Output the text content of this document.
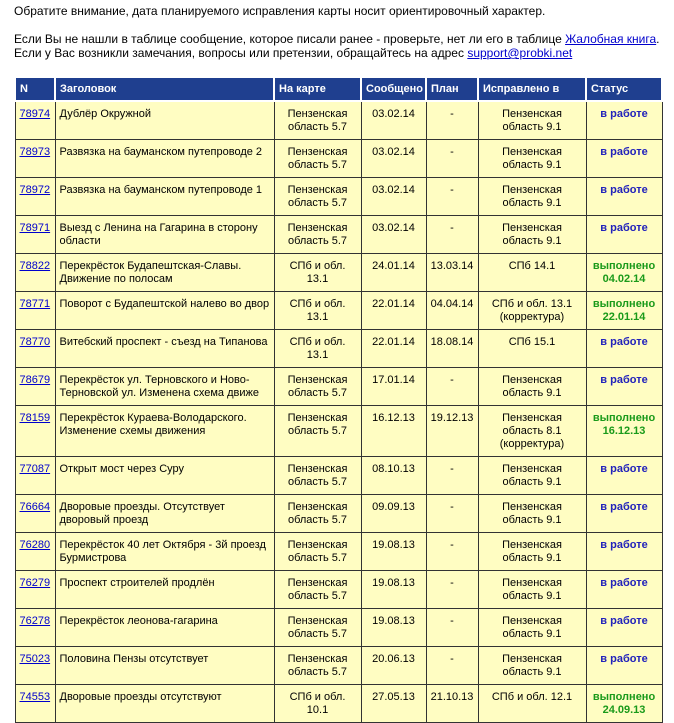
Обратите внимание, дата планируемого исправления карты носит ориентировочный характер.

Если Вы не нашли в таблице сообщение, которое писали ранее - проверьте, нет ли его в таблице Жалобная книга.

Если у Вас возникли замечания, вопросы или претензии, обращайтесь на адрес support@probki.net

N	Заголовок	На карте	Сообщено	План	Исправлено в	Статус
78974	Дублёр Окружной	Пензенская область 5.7	03.02.14	-	Пензенская область 9.1	в работе

78973	Развязка на бауманском путепроводе 2	Пензенская область 5.7	03.02.14	-	Пензенская область 9.1	в работе

78972	Развязка на бауманском путепроводе 1	Пензенская область 5.7	03.02.14	-	Пензенская область 9.1	в работе

78971	Выезд с Ленина на Гагарина в сторону области	Пензенская область 5.7	03.02.14	-	Пензенская область 9.1	в работе

78822	Перекрёсток Будапештская-Славы. Движение по полосам	СПб и обл. 13.1	24.01.14	13.03.14	СПб 14.1	выполнено
04.02.14

78771	Поворот с Будапештской налево во двор	СПб и обл. 13.1	22.01.14	04.04.14	СПб и обл. 13.1 (корректура)	выполнено
22.01.14

78770	Витебский проспект - съезд на Типанова	СПб и обл. 13.1	22.01.14	18.08.14	СПб 15.1	в работе

78679	Перекрёсток ул. Терновского и Ново-Терновской ул. Изменена схема движе	Пензенская область 5.7	17.01.14	-	Пензенская область 9.1	в работе

78159	Перекрёсток Кураева-Володарского. Изменение схемы движения	Пензенская область 5.7	16.12.13	19.12.13	Пензенская область 8.1 (корректура)	выполнено
16.12.13

77087	Открыт мост через Суру	Пензенская область 5.7	08.10.13	-	Пензенская область 9.1	в работе

76664	Дворовые проезды. Отсутствует дворовый проезд	Пензенская область 5.7	09.09.13	-	Пензенская область 9.1	в работе

76280	Перекрёсток 40 лет Октября - 3й проезд Бурмистрова	Пензенская область 5.7	19.08.13	-	Пензенская область 9.1	в работе

76279	Проспект строителей продлён	Пензенская область 5.7	19.08.13	-	Пензенская область 9.1	в работе

76278	Перекрёсток леонова-гагарина	Пензенская область 5.7	19.08.13	-	Пензенская область 9.1	в работе

75023	Половина Пензы отсутствует	Пензенская область 5.7	20.06.13	-	Пензенская область 9.1	в работе

74553	Дворовые проезды отсутствуют	СПб и обл. 10.1	27.05.13	21.10.13	СПб и обл. 12.1	выполнено
24.09.13
